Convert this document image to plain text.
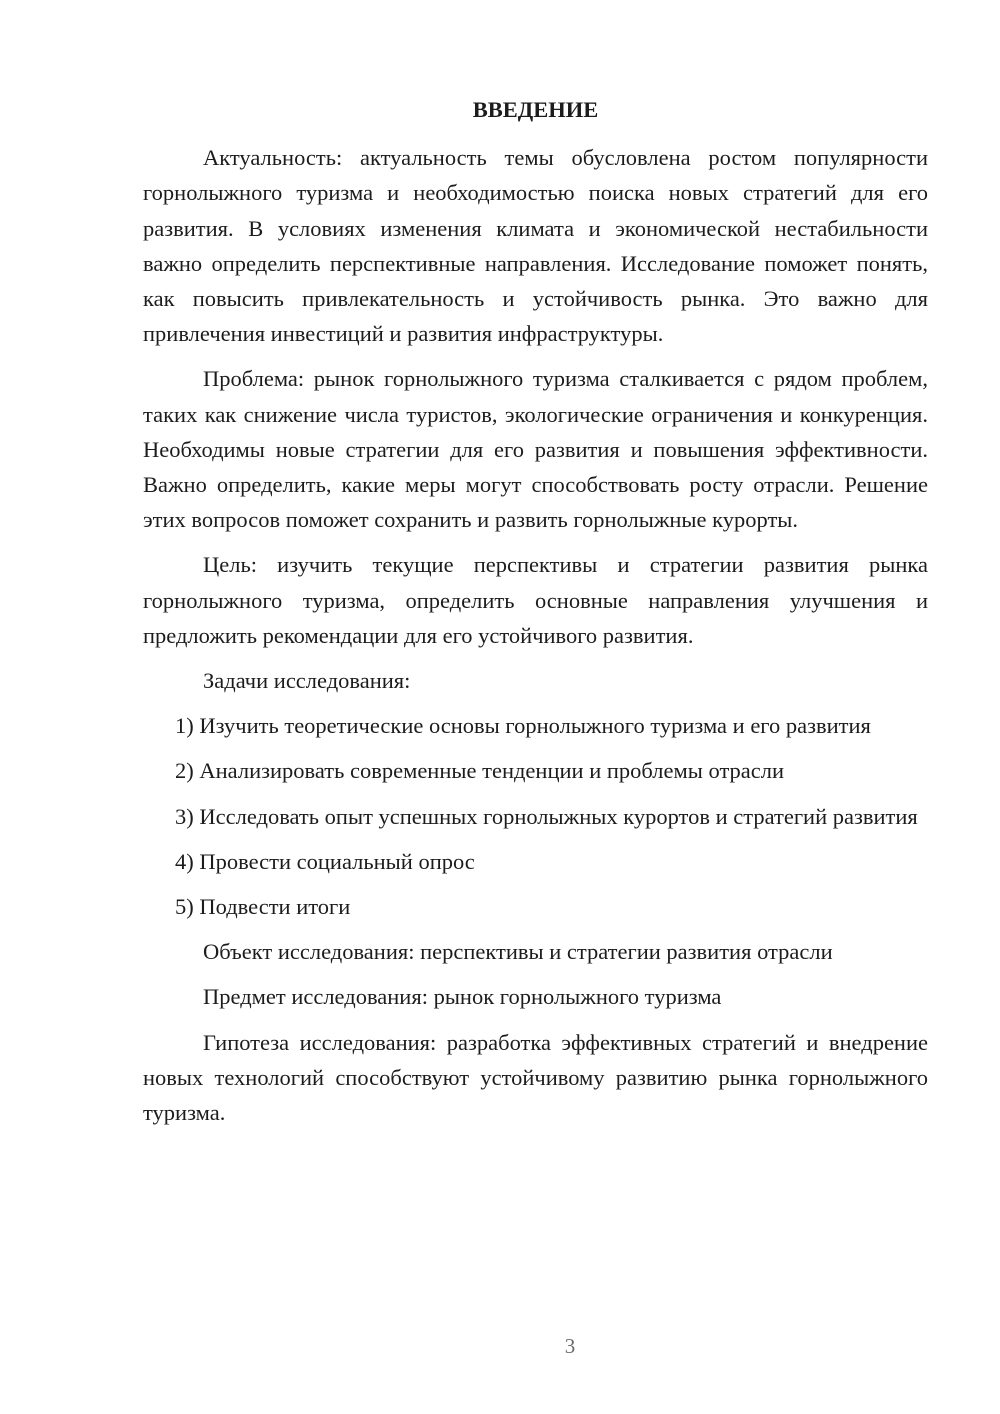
ВВЕДЕНИЕ

Актуальность: актуальность темы обусловлена ростом популярности горнолыжного туризма и необходимостью поиска новых стратегий для его развития. В условиях изменения климата и экономической нестабильности важно определить перспективные направления. Исследование поможет понять, как повысить привлекательность и устойчивость рынка. Это важно для привлечения инвестиций и развития инфраструктуры.

Проблема: рынок горнолыжного туризма сталкивается с рядом проблем, таких как снижение числа туристов, экологические ограничения и конкуренция. Необходимы новые стратегии для его развития и повышения эффективности. Важно определить, какие меры могут способствовать росту отрасли. Решение этих вопросов поможет сохранить и развить горнолыжные курорты.

Цель: изучить текущие перспективы и стратегии развития рынка горнолыжного туризма, определить основные направления улучшения и предложить рекомендации для его устойчивого развития.

Задачи исследования:

1) Изучить теоретические основы горнолыжного туризма и его развития

2) Анализировать современные тенденции и проблемы отрасли

3) Исследовать опыт успешных горнолыжных курортов и стратегий развития

4) Провести социальный опрос

5) Подвести итоги

Объект исследования: перспективы и стратегии развития отрасли

Предмет исследования: рынок горнолыжного туризма

Гипотеза исследования: разработка эффективных стратегий и внедрение новых технологий способствуют устойчивому развитию рынка горнолыжного туризма.

3
